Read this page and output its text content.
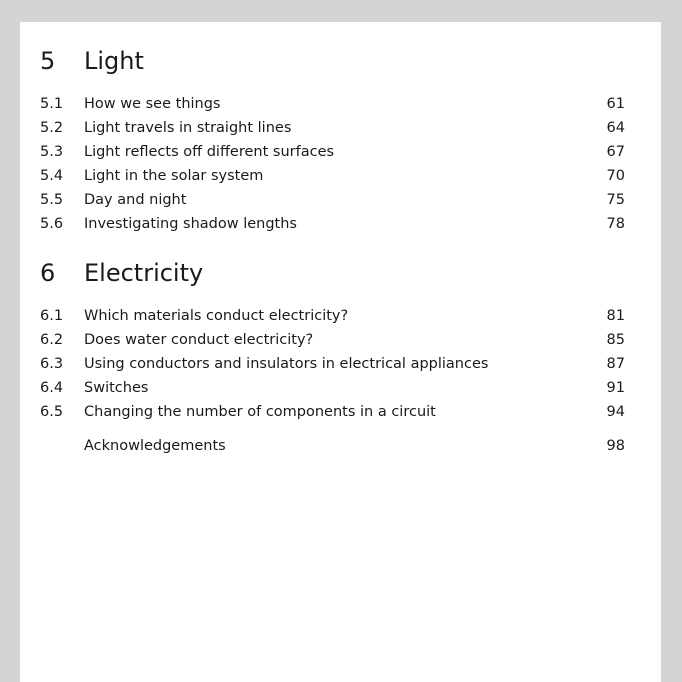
5 Light
5.1 How we see things	61
5.2 Light travels in straight lines	64
5.3 Light reflects off different surfaces	67
5.4 Light in the solar system	70
5.5 Day and night	75
5.6 Investigating shadow lengths	78
6 Electricity
6.1 Which materials conduct electricity?	81
6.2 Does water conduct electricity?	85
6.3 Using conductors and insulators in electrical appliances	87
6.4 Switches	91
6.5 Changing the number of components in a circuit	94
Acknowledgements	98
